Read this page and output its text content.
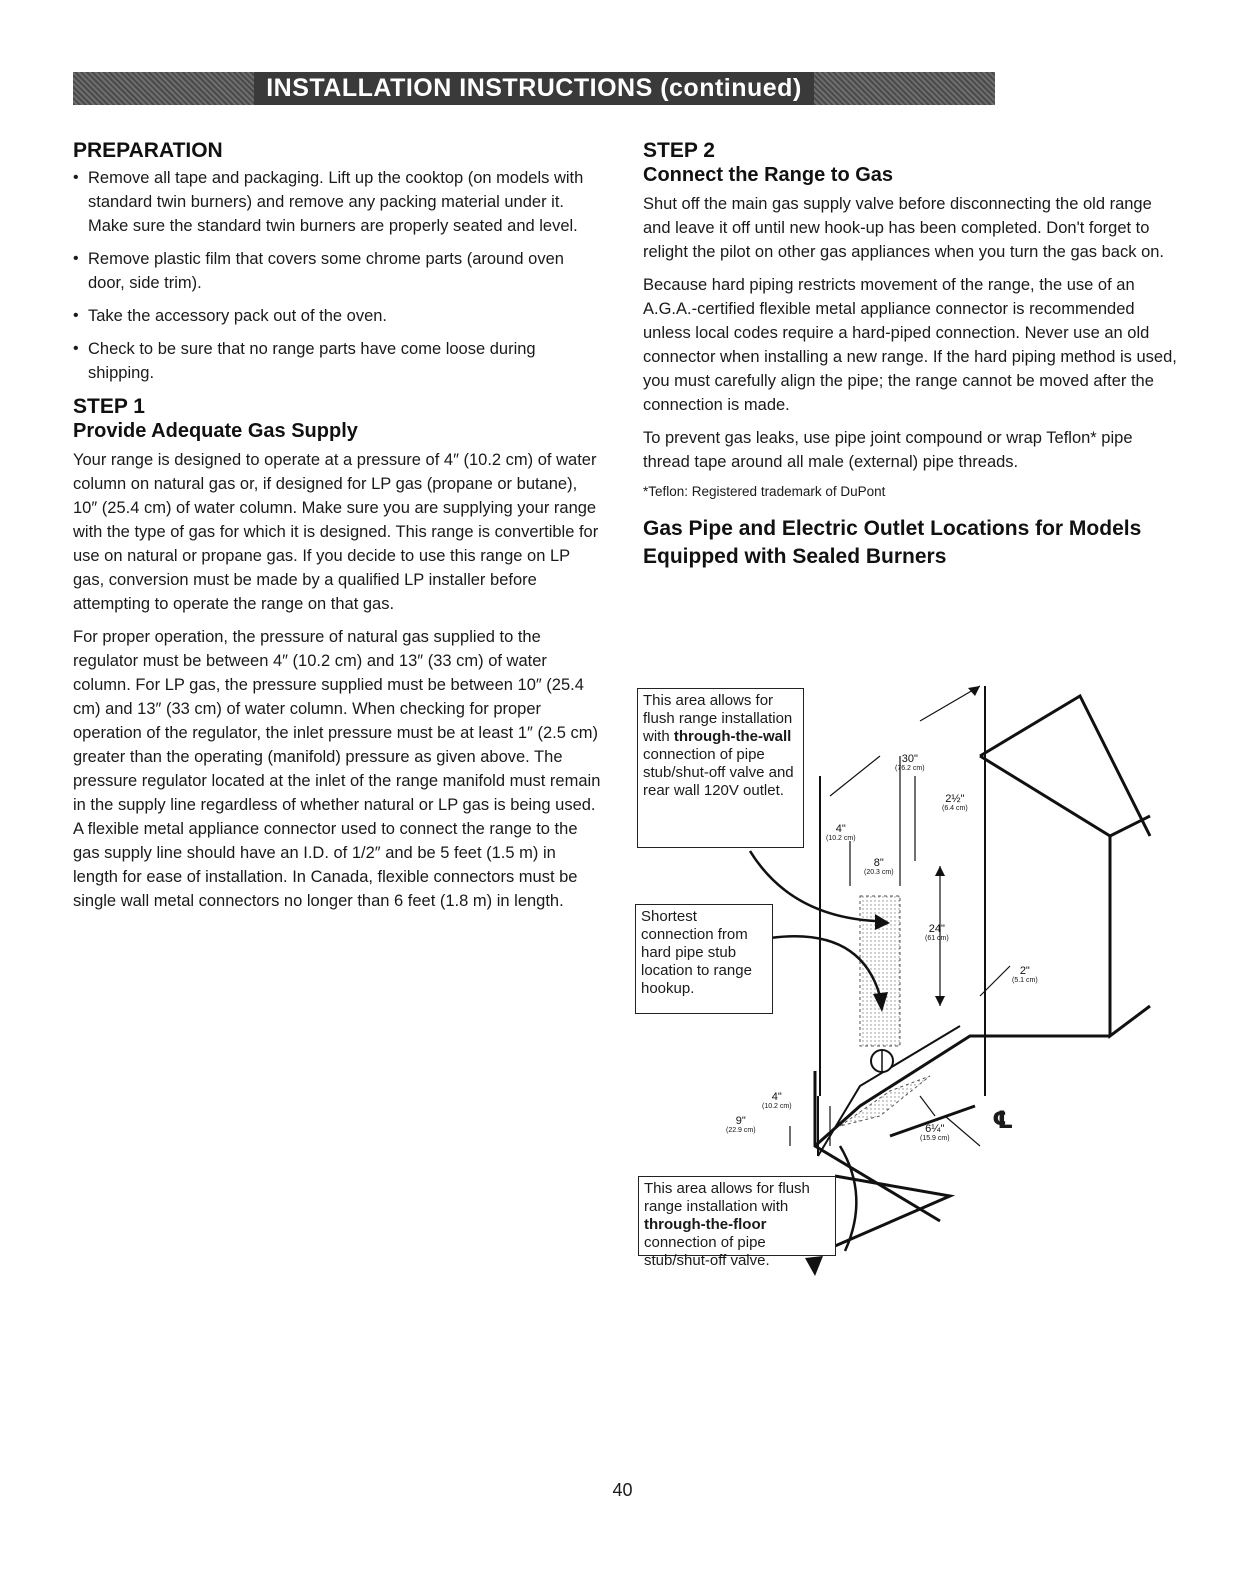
INSTALLATION INSTRUCTIONS (continued)
PREPARATION
• Remove all tape and packaging. Lift up the cooktop (on models with standard twin burners) and remove any packing material under it. Make sure the standard twin burners are properly seated and level.
• Remove plastic film that covers some chrome parts (around oven door, side trim).
• Take the accessory pack out of the oven.
• Check to be sure that no range parts have come loose during shipping.
STEP 1
Provide Adequate Gas Supply

Your range is designed to operate at a pressure of 4″ (10.2 cm) of water column on natural gas or, if designed for LP gas (propane or butane), 10″ (25.4 cm) of water column. Make sure you are supplying your range with the type of gas for which it is designed. This range is convertible for use on natural or propane gas. If you decide to use this range on LP gas, conversion must be made by a qualified LP installer before attempting to operate the range on that gas.

For proper operation, the pressure of natural gas supplied to the regulator must be between 4″ (10.2 cm) and 13″ (33 cm) of water column. For LP gas, the pressure supplied must be between 10″ (25.4 cm) and 13″ (33 cm) of water column. When checking for proper operation of the regulator, the inlet pressure must be at least 1″ (2.5 cm) greater than the operating (manifold) pressure as given above. The pressure regulator located at the inlet of the range manifold must remain in the supply line regardless of whether natural or LP gas is being used. A flexible metal appliance connector used to connect the range to the gas supply line should have an I.D. of 1/2″ and be 5 feet (1.5 m) in length for ease of installation. In Canada, flexible connectors must be single wall metal connectors no longer than 6 feet (1.8 m) in length.

STEP 2
Connect the Range to Gas

Shut off the main gas supply valve before disconnecting the old range and leave it off until new hook-up has been completed. Don't forget to relight the pilot on other gas appliances when you turn the gas back on.

Because hard piping restricts movement of the range, the use of an A.G.A.-certified flexible metal appliance connector is recommended unless local codes require a hard-piped connection. Never use an old connector when installing a new range. If the hard piping method is used, you must carefully align the pipe; the range cannot be moved after the connection is made.

To prevent gas leaks, use pipe joint compound or wrap Teflon* pipe thread tape around all male (external) pipe threads.

*Teflon: Registered trademark of DuPont

Gas Pipe and Electric Outlet Locations for Models Equipped with Sealed Burners
This area allows for flush range installation with through-the-wall connection of pipe stub/shut-off valve and rear wall 120V outlet.
Shortest connection from hard pipe stub location to range hookup.
This area allows for flush range installation with through-the-floor connection of pipe stub/shut-off valve.
30"
(76.2 cm)
2½"
(6.4 cm)
4"
(10.2 cm)
8"
(20.3 cm)
24"
(61 cm)
2"
(5.1 cm)
4"
(10.2 cm)
9"
(22.9 cm)	6¼"
(15.9 cm)
℄
40
